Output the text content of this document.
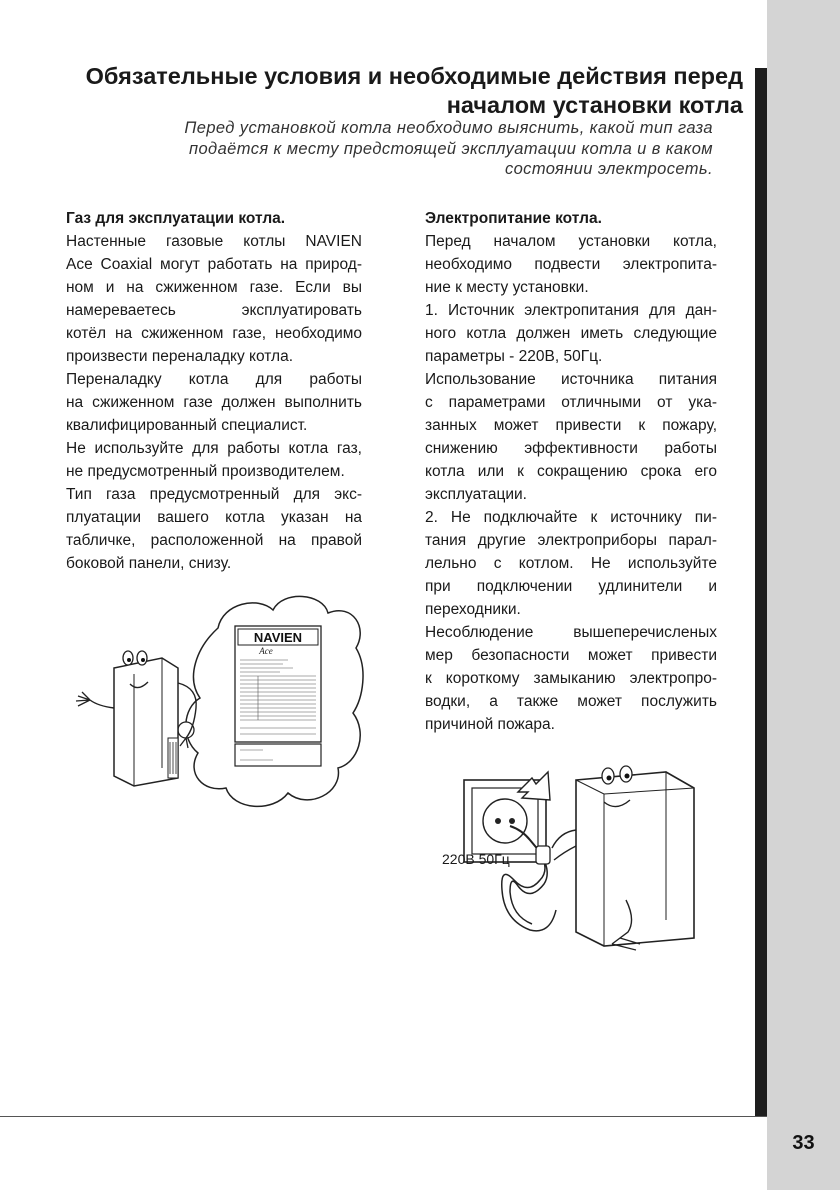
33
Обязательные условия и необходимые действия перед
началом установки котла
Перед установкой котла необходимо выяснить, какой тип газа
подаётся к месту предстоящей эксплуатации котла и в каком
состоянии электросеть.
Газ для эксплуатации котла.
Настенные газовые котлы NAVIEN
Ace Coaxial могут работать на природ-
ном и на сжиженном газе. Если вы
намереваетесь эксплуатировать
котёл на сжиженном газе, необходимо
произвести переналадку котла.
Переналадку котла для работы
на сжиженном газе должен выполнить
квалифицированный специалист.
Не используйте для работы котла газ,
не предусмотренный производителем.
Тип газа предусмотренный для экс-
плуатации вашего котла указан на
табличке, расположенной на правой
боковой панели, снизу.
Электропитание котла.
Перед началом установки котла,
необходимо подвести электропита-
ние к месту установки.
1. Источник электропитания для дан-
ного котла должен иметь следующие
параметры - 220В, 50Гц.
Использование источника питания
с параметрами отличными от ука-
занных может привести к пожару,
снижению эффективности работы
котла или к сокращению срока его
эксплуатации.
2. Не подключайте к источнику пи-
тания другие электроприборы парал-
лельно с котлом. Не используйте
при подключении удлинители и
переходники.
Несоблюдение вышеперечисленых
мер безопасности может привести
к короткому замыканию электропро-
водки, а также может послужить
причиной пожара.
NAVIEN
Ace
220В 50Гц
